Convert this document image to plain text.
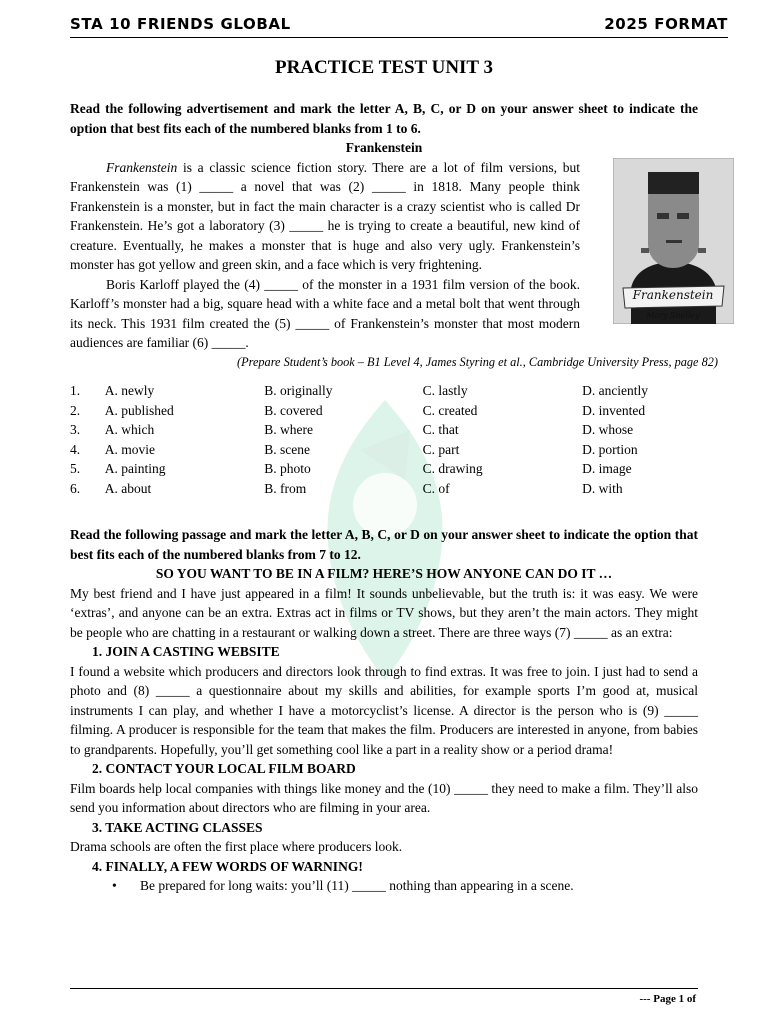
STA 10 FRIENDS GLOBAL	2025 FORMAT
PRACTICE TEST UNIT 3

Read the following advertisement and mark the letter A, B, C, or D on your answer sheet to indicate the option that best fits each of the numbered blanks from 1 to 6.

Frankenstein

Frankenstein
Mary Shelley

Frankenstein is a classic science fiction story. There are a lot of film versions, but Frankenstein was (1) _____ a novel that was (2) _____ in 1818. Many people think Frankenstein is a monster, but in fact the main character is a crazy scientist who is called Dr Frankenstein. He’s got a laboratory (3) _____ he is trying to create a beautiful, new kind of creature. Eventually, he makes a monster that is huge and also very ugly. Frankenstein’s monster has got yellow and green skin, and a face which is very frightening.

Boris Karloff played the (4) _____ of the monster in a 1931 film version of the book. Karloff’s monster had a big, square head with a white face and a metal bolt that went through its neck. This 1931 film created the (5) _____ of Frankenstein’s monster that most modern audiences are familiar (6) _____.

(Prepare Student’s book – B1 Level 4, James Styring et al., Cambridge University Press, page 82)

1.	A. newly	B. originally	C. lastly	D. anciently
2.	A. published	B. covered	C. created	D. invented
3.	A. which	B. where	C. that	D. whose
4.	A. movie	B. scene	C. part	D. portion
5.	A. painting	B. photo	C. drawing	D. image
6.	A. about	B. from	C. of	D. with

Read the following passage and mark the letter A, B, C, or D on your answer sheet to indicate the option that best fits each of the numbered blanks from 7 to 12.

SO YOU WANT TO BE IN A FILM? HERE’S HOW ANYONE CAN DO IT …

My best friend and I have just appeared in a film! It sounds unbelievable, but the truth is: it was easy. We were ‘extras’, and anyone can be an extra. Extras act in films or TV shows, but they aren’t the main actors. They might be people who are chatting in a restaurant or walking down a street. There are three ways (7) _____ as an extra:

1. JOIN A CASTING WEBSITE

I found a website which producers and directors look through to find extras. It was free to join. I just had to send a photo and (8) _____ a questionnaire about my skills and abilities, for example sports I’m good at, musical instruments I can play, and whether I have a motorcyclist’s license. A director is the person who is (9) _____ filming. A producer is responsible for the team that makes the film. Producers are interested in anyone, from babies to grandparents. Hopefully, you’ll get something cool like a part in a reality show or a period drama!

2. CONTACT YOUR LOCAL FILM BOARD

Film boards help local companies with things like money and the (10) _____ they need to make a film. They’ll also send you information about directors who are filming in your area.

3. TAKE ACTING CLASSES

Drama schools are often the first place where producers look.

4. FINALLY, A FEW WORDS OF WARNING!

•	Be prepared for long waits: you’ll (11) _____ nothing than appearing in a scene.
--- Page 1 of
